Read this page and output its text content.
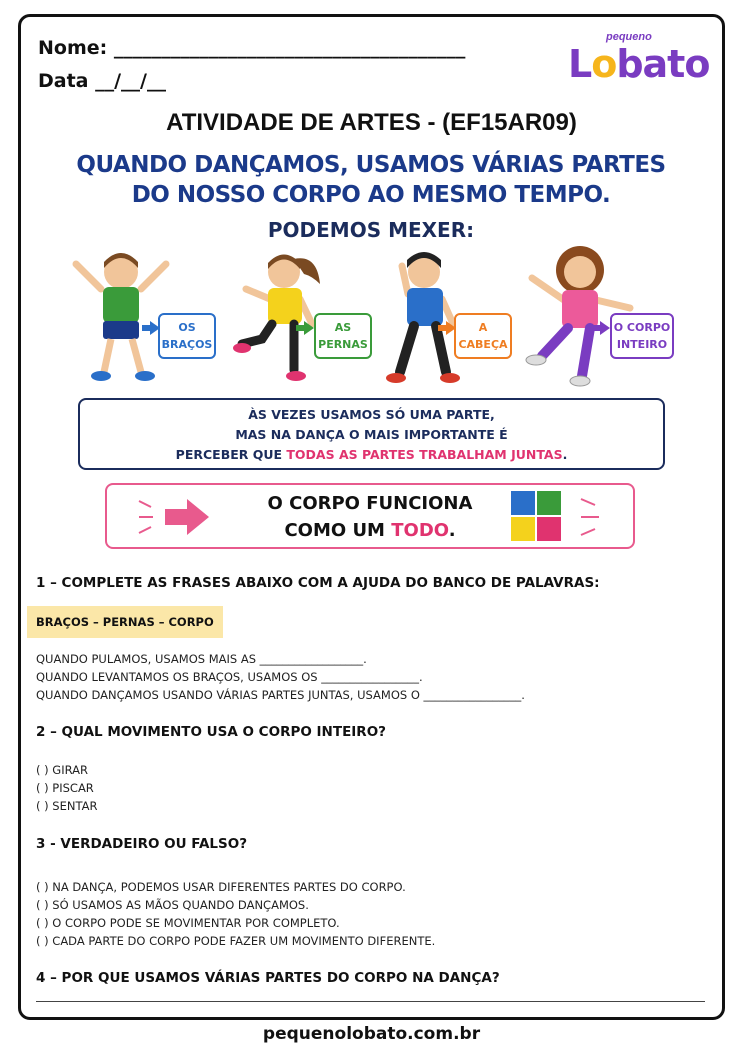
Nome: _____________________________________
Data __/__/__
pequeno
Lobato
ATIVIDADE DE ARTES - (EF15AR09)
QUANDO DANÇAMOS, USAMOS VÁRIAS PARTES
DO NOSSO CORPO AO MESMO TEMPO.
PODEMOS MEXER:
OS
BRAÇOS
AS
PERNAS
A
CABEÇA
O CORPO
INTEIRO
ÀS VEZES USAMOS SÓ UMA PARTE,
MAS NA DANÇA O MAIS IMPORTANTE É
PERCEBER QUE TODAS AS PARTES TRABALHAM JUNTAS.
O CORPO FUNCIONA
COMO UM TODO.
1 – COMPLETE AS FRASES ABAIXO COM A AJUDA DO BANCO DE PALAVRAS:
BRAÇOS – PERNAS – CORPO
QUANDO PULAMOS, USAMOS MAIS AS __________________.
QUANDO LEVANTAMOS OS BRAÇOS, USAMOS OS _________________.
QUANDO DANÇAMOS USANDO VÁRIAS PARTES JUNTAS, USAMOS O _________________.
2 – QUAL MOVIMENTO USA O CORPO INTEIRO?
( ) GIRAR
( ) PISCAR
( ) SENTAR
3 - VERDADEIRO OU FALSO?
( ) NA DANÇA, PODEMOS USAR DIFERENTES PARTES DO CORPO.
( ) SÓ USAMOS AS MÃOS QUANDO DANÇAMOS.
( ) O CORPO PODE SE MOVIMENTAR POR COMPLETO.
( ) CADA PARTE DO CORPO PODE FAZER UM MOVIMENTO DIFERENTE.
4 – POR QUE USAMOS VÁRIAS PARTES DO CORPO NA DANÇA?
pequenolobato.com.br
